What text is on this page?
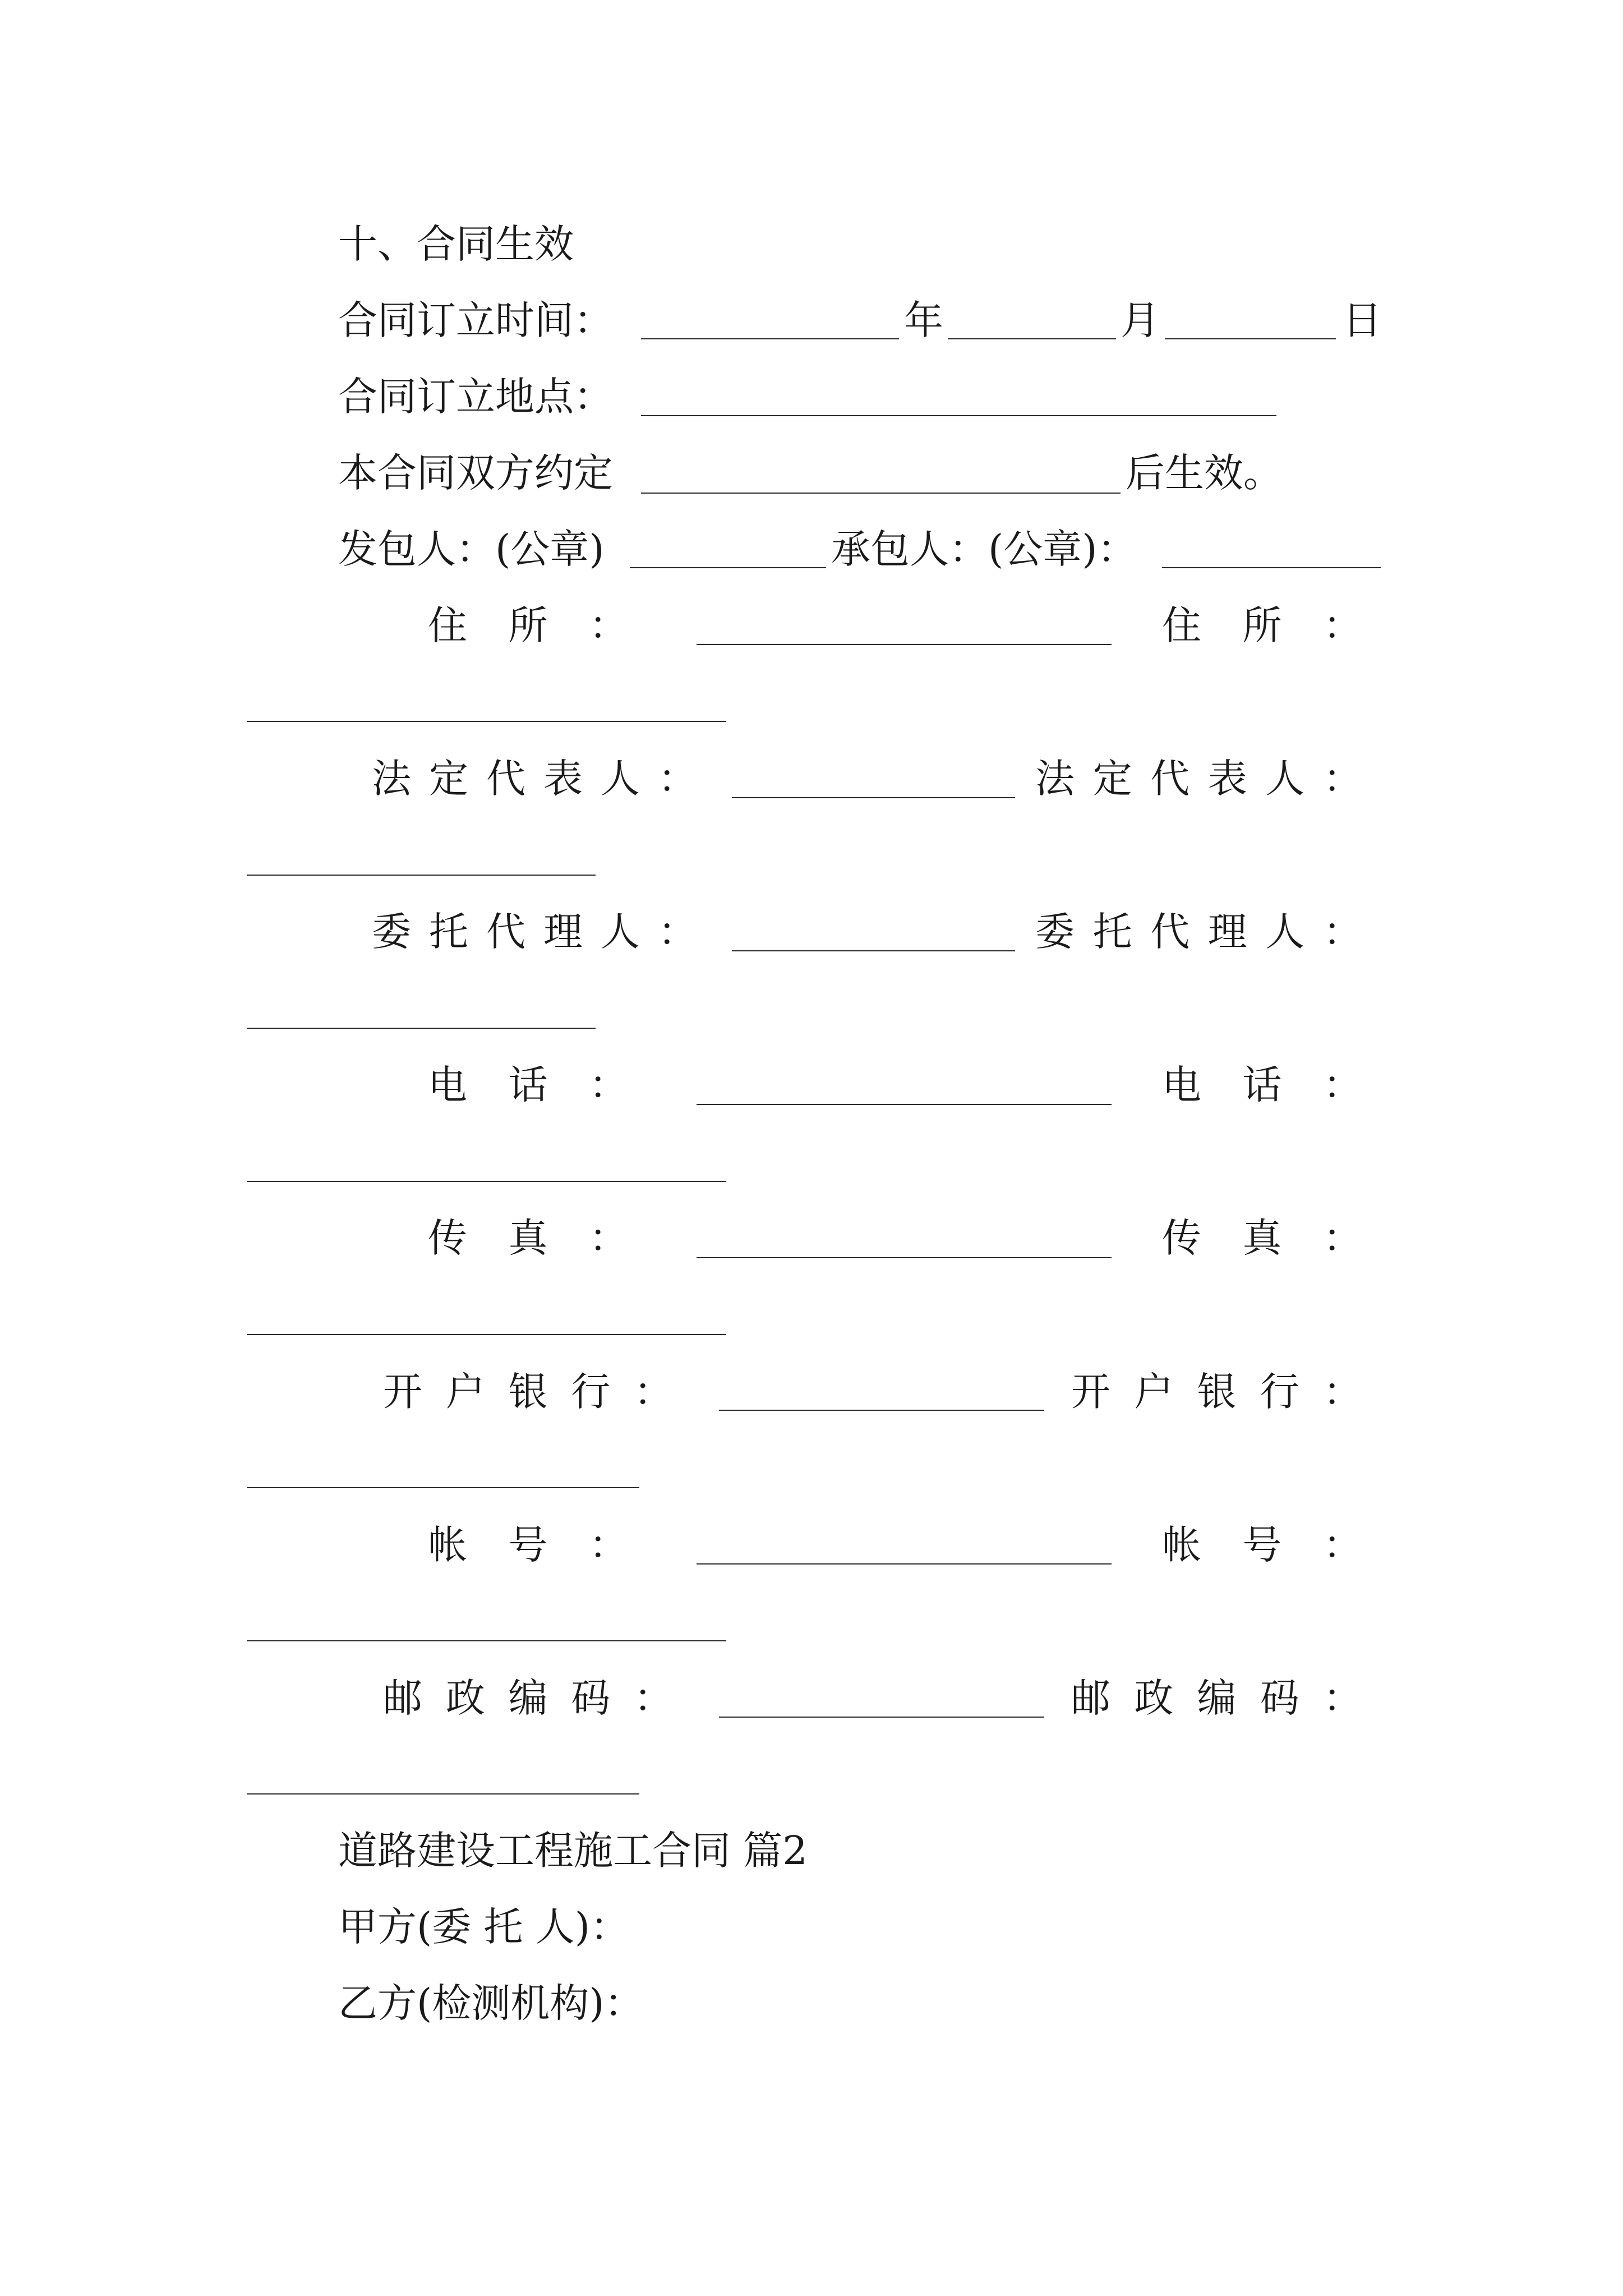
十、合同生效
合同订立时间：	年	月	日
合同订立地点：
本合同双方约定	后生效。
发包人：(公章)	承包人：(公章)：
住 所 ：	住 所 ：
法 定 代 表 人 ：	法 定 代 表 人 ：
委 托 代 理 人 ：	委 托 代 理 人 ：
电 话 ：	电 话 ：
传 真 ：	传 真 ：
开 户 银 行 ：	开 户 银 行 ：
帐 号 ：	帐 号 ：
邮 政 编 码 ：	邮 政 编 码 ：
道路建设工程施工合同 篇2
甲方(委 托 人)：
乙方(检测机构)：
